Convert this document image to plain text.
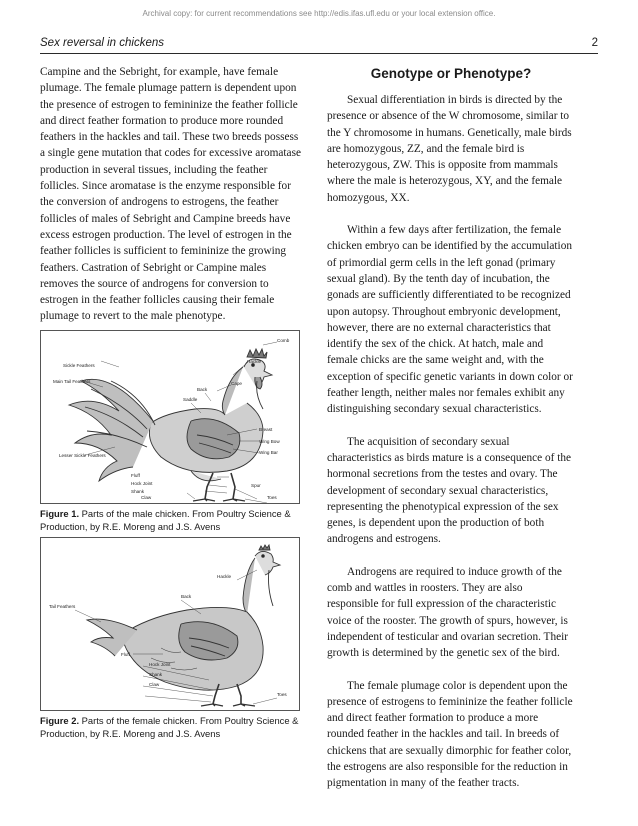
Archival copy: for current recommendations see http://edis.ifas.ufl.edu or your local extension office.
Sex reversal in chickens	2

Campine and the Sebright, for example, have female plumage. The female plumage pattern is dependent upon the presence of estrogen to femininize the feather follicle and direct feather formation to produce more rounded feathers in the hackles and tail. These two breeds possess a single gene mutation that codes for excessive aromatase production in several tissues, including the feather follicles. Since aromatase is the enzyme responsible for the conversion of androgens to estrogens, the feather follicles of males of Sebright and Campine breeds have excess estrogen production. The level of estrogen in the feather follicles is sufficient to femininize the growing feathers. Castration of Sebright or Campine males removes the source of androgens for conversion to estrogen in the feather follicles causing their female plumage to revert to the male phenotype.

Comb
Hackle
Sickle Feathers
Main Tail Feathers
Saddle
Back
Cape
Breast
Wing Bow
Wing Bar
Fluff
Hock Joint
Shank
Lesser Sickle Feathers
Spur
Claw	Toes
Figure 1. Parts of the male chicken. From Poultry Science & Production, by R.E. Moreng and J.S. Avens
Hackle
Back
Tail Feathers
Fluff
Hock Joint
Shank
Claw
Toes
Figure 2. Parts of the female chicken. From Poultry Science & Production, by R.E. Moreng and J.S. Avens
Genotype or Phenotype?

Sexual differentiation in birds is directed by the presence or absence of the W chromosome, similar to the Y chromosome in humans. Genetically, male birds are homozygous, ZZ, and the female bird is heterozygous, ZW. This is opposite from mammals where the male is heterozygous, XY, and the female homozygous, XX.

Within a few days after fertilization, the female chicken embryo can be identified by the accumulation of primordial germ cells in the left gonad (primary sexual gland). By the tenth day of incubation, the gonads are sufficiently differentiated to be recognized upon autopsy. Throughout embryonic development, however, there are no external characteristics that identify the sex of the chick. At hatch, male and female chicks are the same weight and, with the exception of specific genetic variants in down color or feather length, neither males nor females exhibit any distinguishing secondary sexual characteristics.

The acquisition of secondary sexual characteristics as birds mature is a consequence of the hormonal secretions from the testes and ovary. The development of secondary sexual characteristics, representing the phenotypical expression of the sex genes, is dependent upon the production of both androgens and estrogens.

Androgens are required to induce growth of the comb and wattles in roosters. They are also responsible for full expression of the characteristic voice of the rooster. The growth of spurs, however, is independent of testicular and ovarian secretion. Their growth is determined by the genetic sex of the bird.

The female plumage color is dependent upon the presence of estrogens to femininize the feather follicle and direct feather formation to produce a more rounded feather in the hackles and tail. In breeds of chickens that are sexually dimorphic for feather color, the estrogens are also responsible for the reduction in pigmentation in many of the feather tracts.
